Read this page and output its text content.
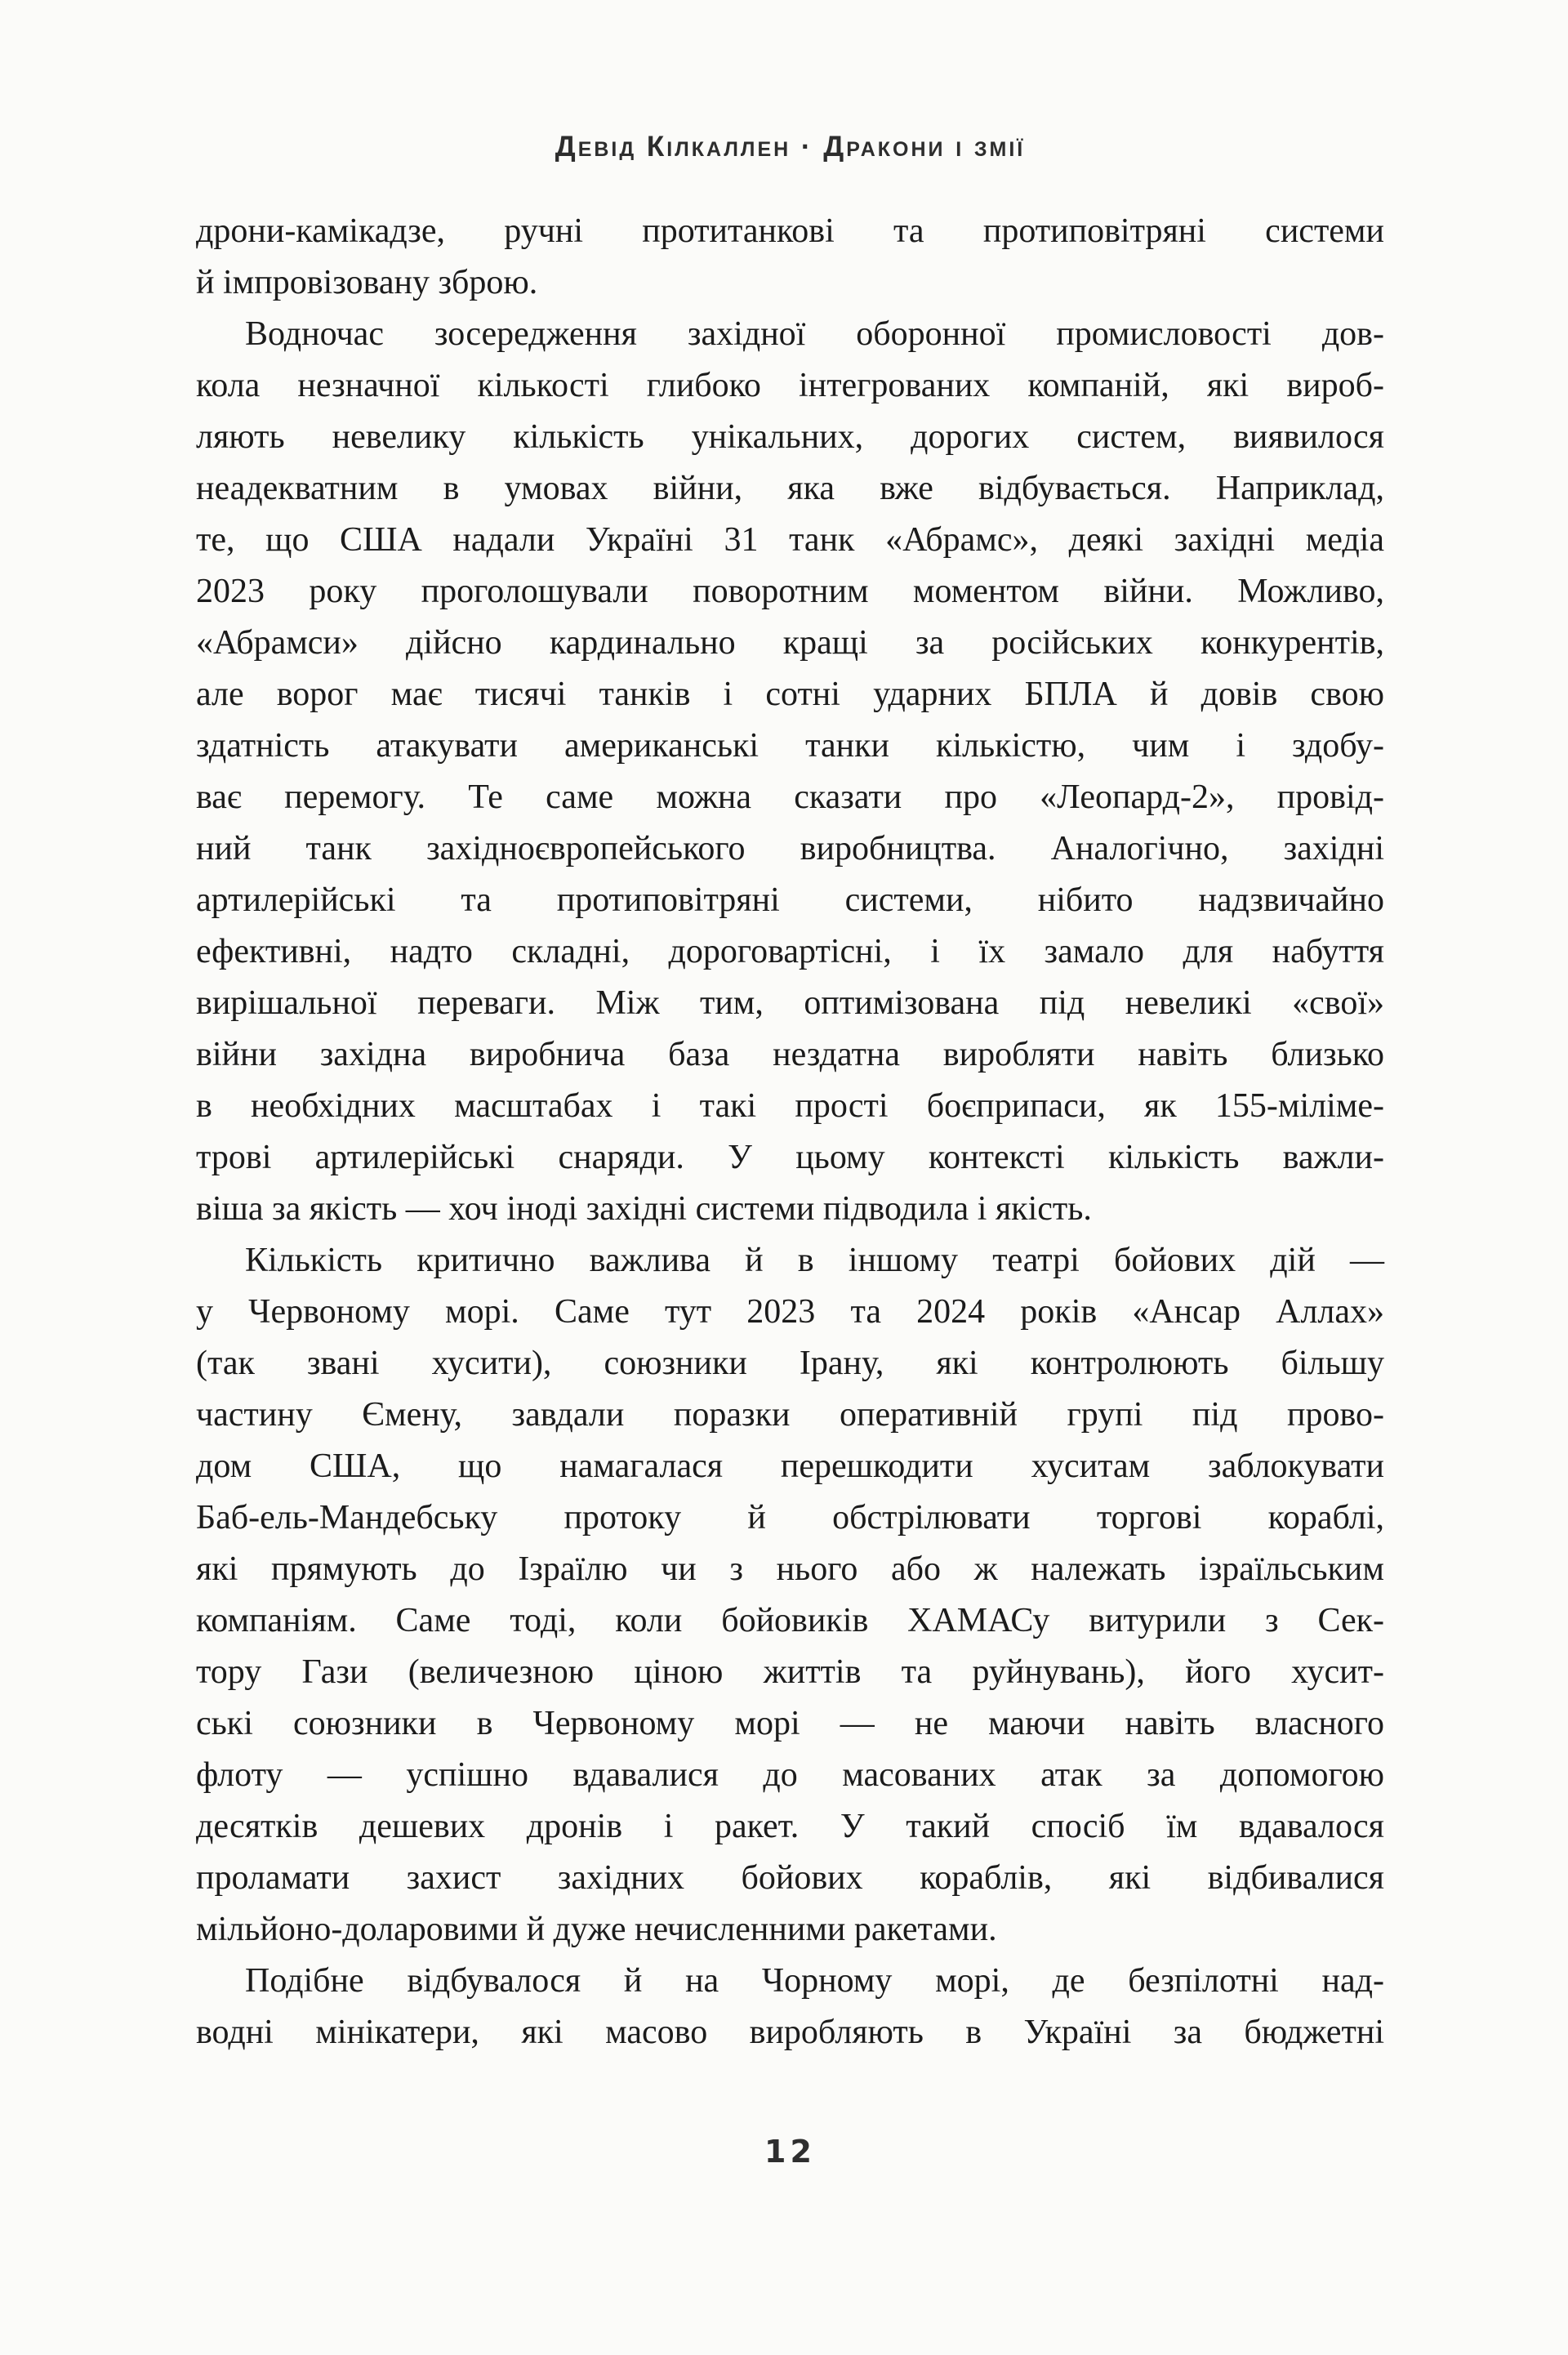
Девід Кілкаллен · Дракони і змії
дрони-камікадзе, ручні протитанкові та протиповітряні системи
й імпровізовану зброю.
Водночас зосередження західної оборонної промисловості дов-
кола незначної кількості глибоко інтегрованих компаній, які вироб-
ляють невелику кількість унікальних, дорогих систем, виявилося
неадекватним в умовах війни, яка вже відбувається. Наприклад,
те, що США надали Україні 31 танк «Абрамс», деякі західні медіа
2023 року проголошували поворотним моментом війни. Можливо,
«Абрамси» дійсно кардинально кращі за російських конкурентів,
але ворог має тисячі танків і сотні ударних БПЛА й довів свою
здатність атакувати американські танки кількістю, чим і здобу-
ває перемогу. Те саме можна сказати про «Леопард-2», провід-
ний танк західноєвропейського виробництва. Аналогічно, західні
артилерійські та протиповітряні системи, нібито надзвичайно
ефективні, надто складні, дороговартісні, і їх замало для набуття
вирішальної переваги. Між тим, оптимізована під невеликі «свої»
війни західна виробнича база нездатна виробляти навіть близько
в необхідних масштабах і такі прості боєприпаси, як 155-міліме-
трові артилерійські снаряди. У цьому контексті кількість важли-
віша за якість — хоч іноді західні системи підводила і якість.
Кількість критично важлива й в іншому театрі бойових дій —
у Червоному морі. Саме тут 2023 та 2024 років «Ансар Аллах»
(так звані хусити), союзники Ірану, які контролюють більшу
частину Ємену, завдали поразки оперативній групі під прово-
дом США, що намагалася перешкодити хуситам заблокувати
Баб-ель-Мандебську протоку й обстрілювати торгові кораблі,
які прямують до Ізраїлю чи з нього або ж належать ізраїльським
компаніям. Саме тоді, коли бойовиків ХАМАСу витурили з Сек-
тору Гази (величезною ціною життів та руйнувань), його хусит-
ські союзники в Червоному морі — не маючи навіть власного
флоту — успішно вдавалися до масованих атак за допомогою
десятків дешевих дронів і ракет. У такий спосіб їм вдавалося
проламати захист західних бойових кораблів, які відбивалися
мільйоно-доларовими й дуже нечисленними ракетами.
Подібне відбувалося й на Чорному морі, де безпілотні над-
водні мінікатери, які масово виробляють в Україні за бюджетні
12
